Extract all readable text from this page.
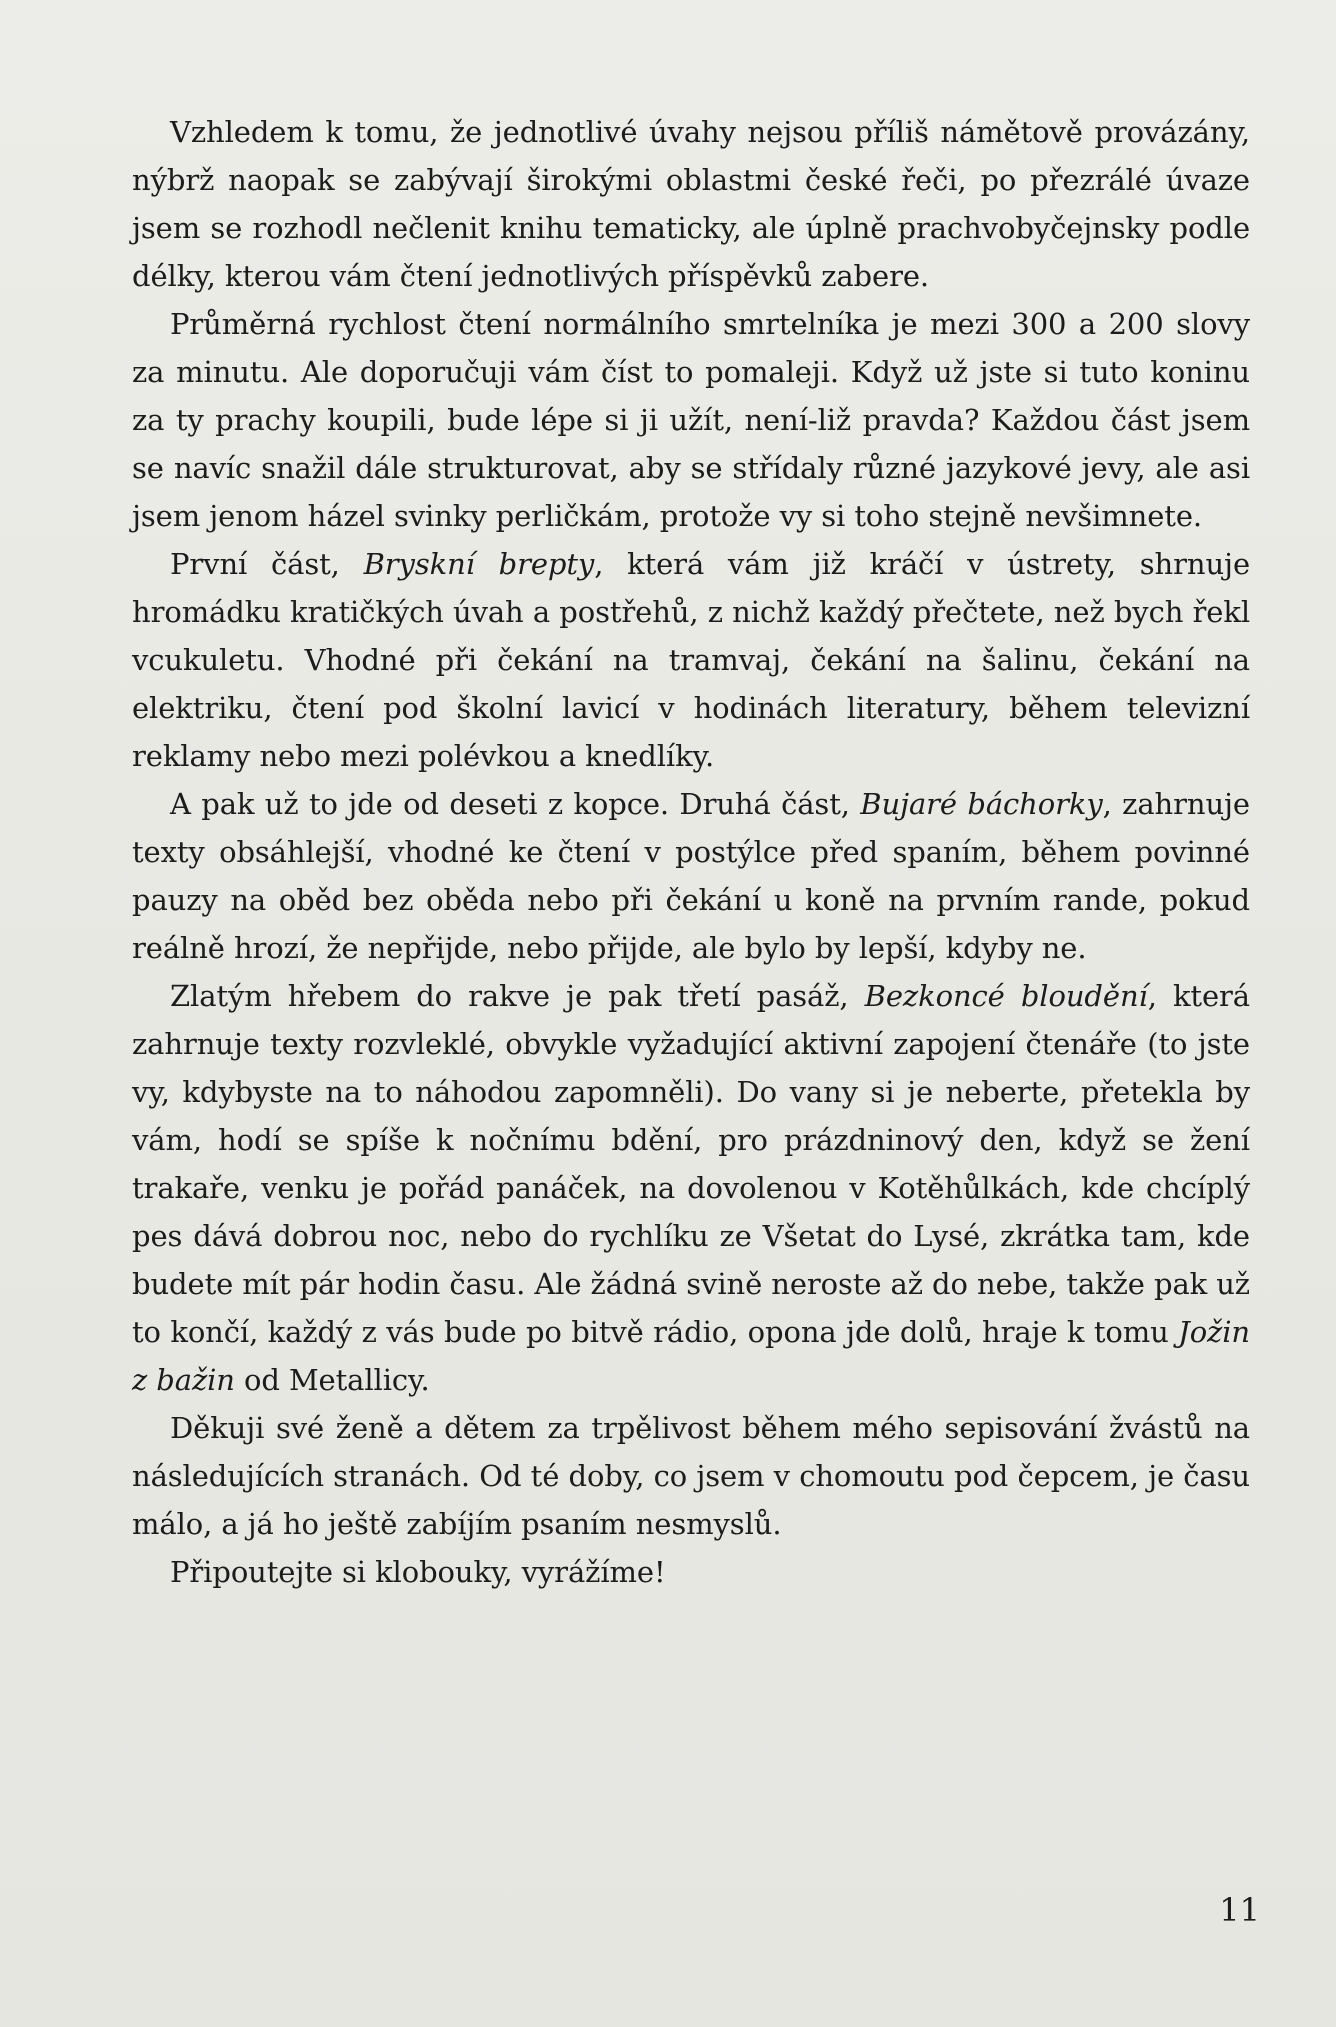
Vzhledem k tomu, že jednotlivé úvahy nejsou příliš námětově provázány, nýbrž naopak se zabývají širokými oblastmi české řeči, po přezrálé úvaze jsem se rozhodl nečlenit knihu tematicky, ale úplně prachvobyčejnsky podle délky, kterou vám čtení jednotlivých příspěvků zabere.

Průměrná rychlost čtení normálního smrtelníka je mezi 300 a 200 slovy za minutu. Ale doporučuji vám číst to pomaleji. Když už jste si tuto koninu za ty prachy koupili, bude lépe si ji užít, není-liž pravda? Každou část jsem se navíc snažil dále strukturovat, aby se střídaly různé jazykové jevy, ale asi jsem jenom házel svinky perličkám, protože vy si toho stejně nevšimnete.

První část, Bryskní brepty, která vám již kráčí v ústrety, shrnuje hromádku kratičkých úvah a postřehů, z nichž každý přečtete, než bych řekl vcukuletu. Vhodné při čekání na tramvaj, čekání na šalinu, čekání na elektriku, čtení pod školní lavicí v hodinách literatury, během televizní reklamy nebo mezi polévkou a knedlíky.

A pak už to jde od deseti z kopce. Druhá část, Bujaré báchorky, zahrnuje texty obsáhlejší, vhodné ke čtení v postýlce před spaním, během povinné pauzy na oběd bez oběda nebo při čekání u koně na prvním rande, pokud reálně hrozí, že nepřijde, nebo přijde, ale bylo by lepší, kdyby ne.

Zlatým hřebem do rakve je pak třetí pasáž, Bezkoncé bloudění, která zahrnuje texty rozvleklé, obvykle vyžadující aktivní zapojení čtenáře (to jste vy, kdybyste na to náhodou zapomněli). Do vany si je neberte, přetekla by vám, hodí se spíše k nočnímu bdění, pro prázdninový den, když se žení trakaře, venku je pořád panáček, na dovolenou v Kotěhůlkách, kde chcíplý pes dává dobrou noc, nebo do rychlíku ze Všetat do Lysé, zkrátka tam, kde budete mít pár hodin času. Ale žádná svině neroste až do nebe, takže pak už to končí, každý z vás bude po bitvě rádio, opona jde dolů, hraje k tomu Jožin z bažin od Metallicy.

Děkuji své ženě a dětem za trpělivost během mého sepisování žvástů na následujících stranách. Od té doby, co jsem v chomoutu pod čepcem, je času málo, a já ho ještě zabíjím psaním nesmyslů.

Připoutejte si klobouky, vyrážíme!

11
